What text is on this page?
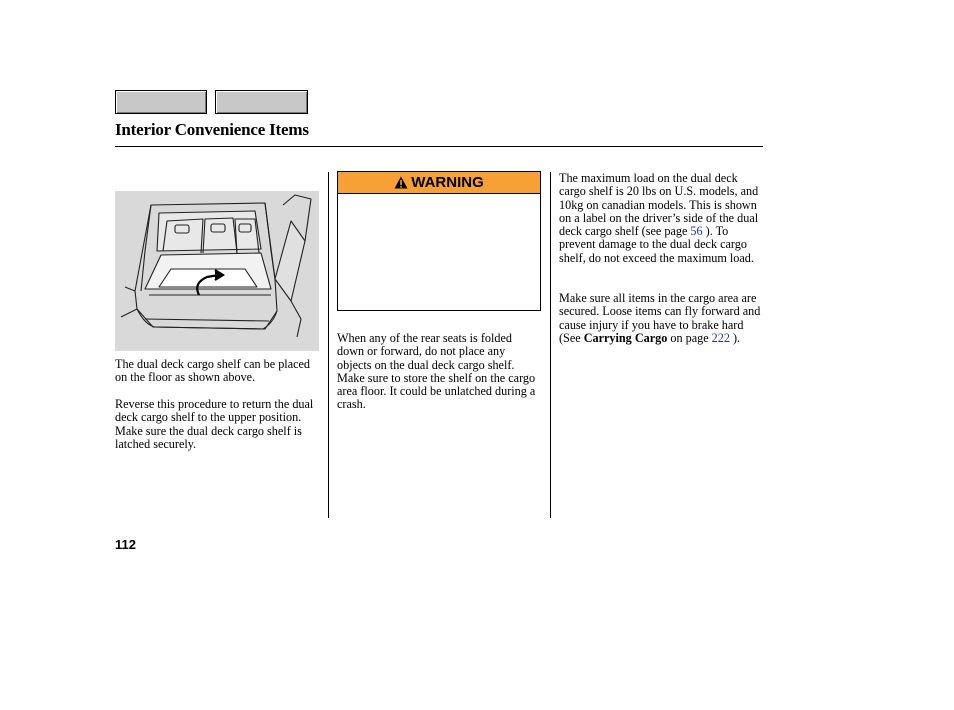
Interior Convenience Items

The dual deck cargo shelf can be placed on the floor as shown above.

Reverse this procedure to return the dual deck cargo shelf to the upper position. Make sure the dual deck cargo shelf is latched securely.

WARNING

When any of the rear seats is folded down or forward, do not place any objects on the dual deck cargo shelf. Make sure to store the shelf on the cargo area floor. It could be unlatched during a crash.

The maximum load on the dual deck cargo shelf is 20 lbs on U.S. models, and 10kg on canadian models. This is shown on a label on the driver’s side of the dual deck cargo shelf (see page 56 ). To prevent damage to the dual deck cargo shelf, do not exceed the maximum load.

Make sure all items in the cargo area are secured. Loose items can fly forward and cause injury if you have to brake hard (See Carrying Cargo on page 222 ).

112
